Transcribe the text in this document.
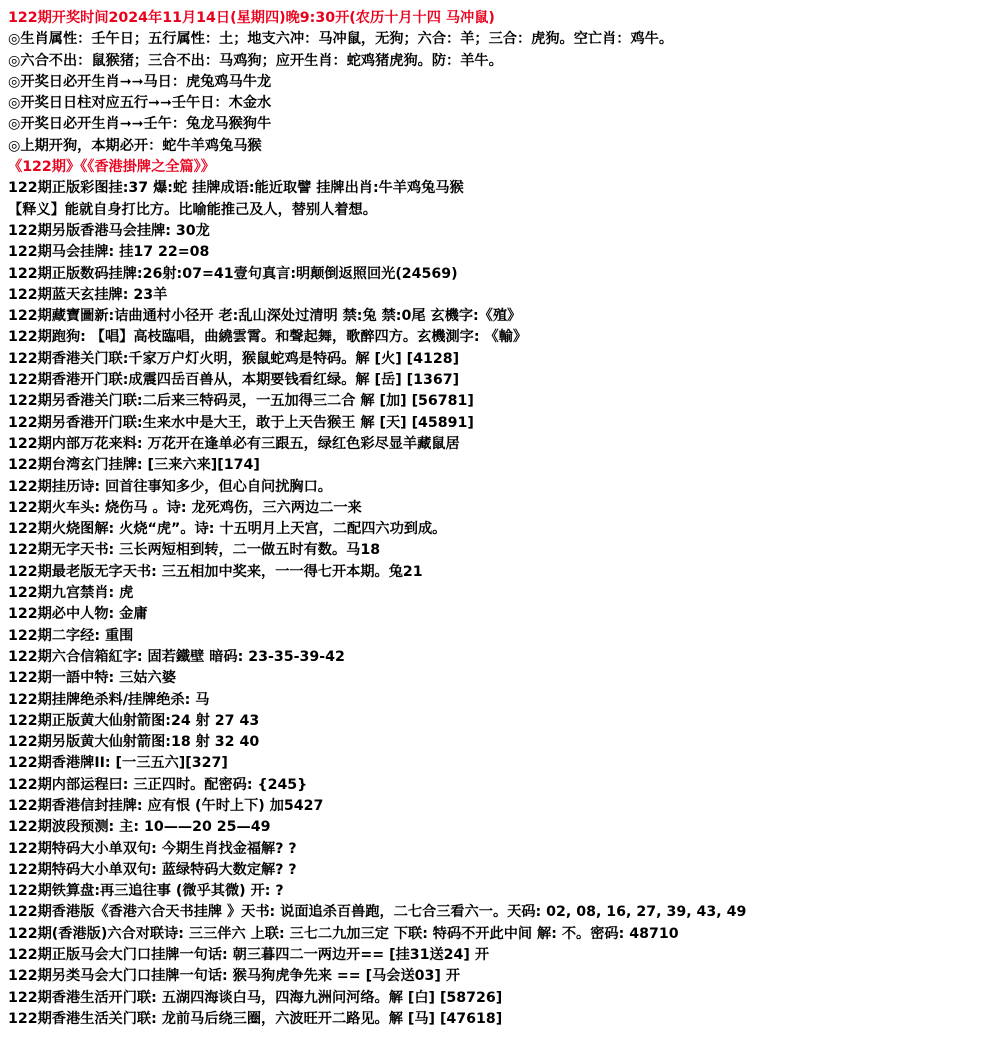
122期开奖时间2024年11月14日(星期四)晚9:30开(农历十月十四 马冲鼠)
◎生肖属性：壬午日；五行属性：土；地支六冲：马冲鼠，无狗；六合：羊；三合：虎狗。空亡肖：鸡牛。
◎六合不出：鼠猴猪；三合不出：马鸡狗；应开生肖：蛇鸡猪虎狗。防：羊牛。
◎开奖日必开生肖➞➞马日：虎兔鸡马牛龙
◎开奖日日柱对应五行➞➞壬午日：木金水
◎开奖日必开生肖➞➞壬午：兔龙马猴狗牛
◎上期开狗，本期必开：蛇牛羊鸡兔马猴
《122期》《《香港掛牌之全篇》》
122期正版彩图挂:37 爆:蛇 挂牌成语:能近取譬 挂牌出肖:牛羊鸡兔马猴
【释义】能就自身打比方。比喻能推己及人，替别人着想。
122期另版香港马会挂牌: 30龙
122期马会挂牌: 挂17 22=08
122期正版数码挂牌:26射:07=41壹句真言:明颠倒返照回光(24569)
122期蓝天玄挂牌: 23羊
122期藏寶圖新:诘曲通村小径开 老:乱山深处过清明 禁:兔 禁:0尾 玄機字:《殖》
122期跑狗: 【唱】高枝臨唱，曲繞雲霄。和聲起舞，歌醉四方。玄機測字: 《輸》
122期香港关门联:千家万户灯火明，猴鼠蛇鸡是特码。解 [火] [4128]
122期香港开门联:成震四岳百兽从，本期要钱看红绿。解 [岳] [1367]
122期另香港关门联:二后来三特码灵，一五加得三二合 解 [加] [56781]
122期另香港开门联:生来水中是大王，敢于上天告猴王 解 [天] [45891]
122期内部万花来料: 万花开在逢单必有三跟五，绿红色彩尽显羊藏鼠居
122期台湾玄门挂牌: [三来六来][174]
122期挂历诗: 回首往事知多少，但心自问扰胸口。
122期火车头: 烧伤马 。诗: 龙死鸡伤，三六两边二一来
122期火烧图解: 火烧“虎”。诗: 十五明月上天宫，二配四六功到成。
122期无字天书: 三长两短相到转，二一做五时有数。马18
122期最老版无字天书: 三五相加中奖来，一一得七开本期。兔21
122期九宫禁肖: 虎
122期必中人物: 金庸
122期二字经: 重围
122期六合信箱紅字: 固若鐵壁 暗码: 23-35-39-42
122期一語中特: 三姑六婆
122期挂牌绝杀料/挂牌绝杀: 马
122期正版黄大仙射箭图:24 射 27 43
122期另版黄大仙射箭图:18 射 32 40
122期香港牌II: [一三五六][327]
122期内部运程曰: 三正四时。配密码: {245}
122期香港信封挂牌: 应有恨 (午时上下) 加5427
122期波段预测: 主: 10——20 25—49
122期特码大小单双句: 今期生肖找金福解? ?
122期特码大小单双句: 蓝绿特码大数定解? ?
122期铁算盘:再三追往事 (微乎其微) 开: ?
122期香港版《香港六合天书挂牌 》天书: 说面追杀百兽跑，二七合三看六一。天码: 02, 08, 16, 27, 39, 43, 49
122期(香港版)六合对联诗: 三三伴六 上联: 三七二九加三定 下联: 特码不开此中间 解: 不。密码: 48710
122期正版马会大门口挂牌一句话: 朝三暮四二一两边开== [挂31送24] 开
122期另类马会大门口挂牌一句话: 猴马狗虎争先来 == [马会送03] 开
122期香港生活开门联: 五湖四海谈白马，四海九洲问河络。解 [白] [58726]
122期香港生活关门联: 龙前马后绕三圈，六波旺开二路见。解 [马] [47618]
